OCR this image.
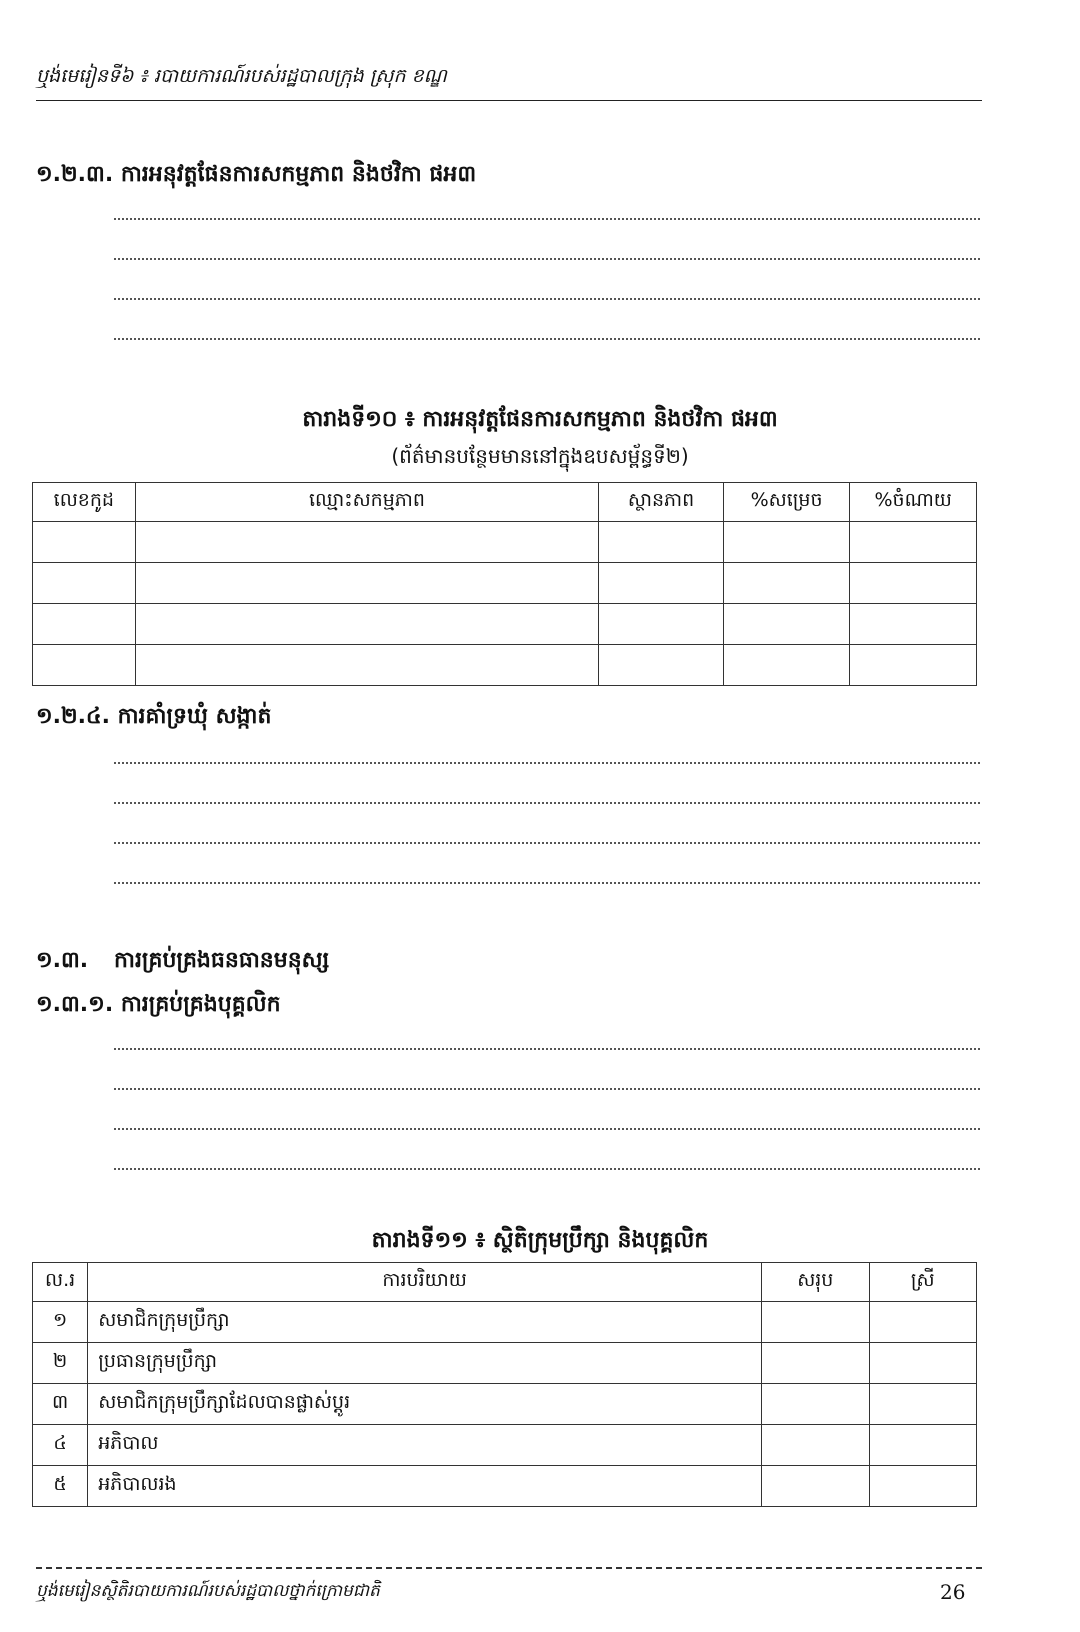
ឬង់មេរៀនទី៦ ៖ របាយការណ៍របស់រដ្ឋបាលក្រុង ស្រុក ខណ្ឌ
១.២.៣. ការអនុវត្តផែនការសកម្មភាព និងថវិកា ផអ៣
តារាងទី១០ ៖ ការអនុវត្តផែនការសកម្មភាព និងថវិកា ផអ៣
(ព័ត៌មានបន្ថែមមាននៅក្នុងឧបសម្ព័ន្ធទី២)
លេខកូដ	ឈ្មោះសកម្មភាព	ស្ថានភាព	%សម្រេច	%ចំណាយ

១.២.៤. ការគាំទ្រឃុំ សង្កាត់
១.៣. ការគ្រប់គ្រងធនធានមនុស្ស
១.៣.១. ការគ្រប់គ្រងបុគ្គលិក
តារាងទី១១ ៖ ស្ថិតិក្រុមប្រឹក្សា និងបុគ្គលិក
ល.រ	ការបរិយាយ	សរុប	ស្រី
១	សមាជិកក្រុមប្រឹក្សា		
២	ប្រធានក្រុមប្រឹក្សា		
៣	សមាជិកក្រុមប្រឹក្សាដែលបានផ្លាស់ប្តូរ		
៤	អភិបាល		
៥	អភិបាលរង		
ឬង់មេរៀនស្ថិតិរបាយការណ៍របស់រដ្ឋបាលថ្នាក់ក្រោមជាតិ	26
